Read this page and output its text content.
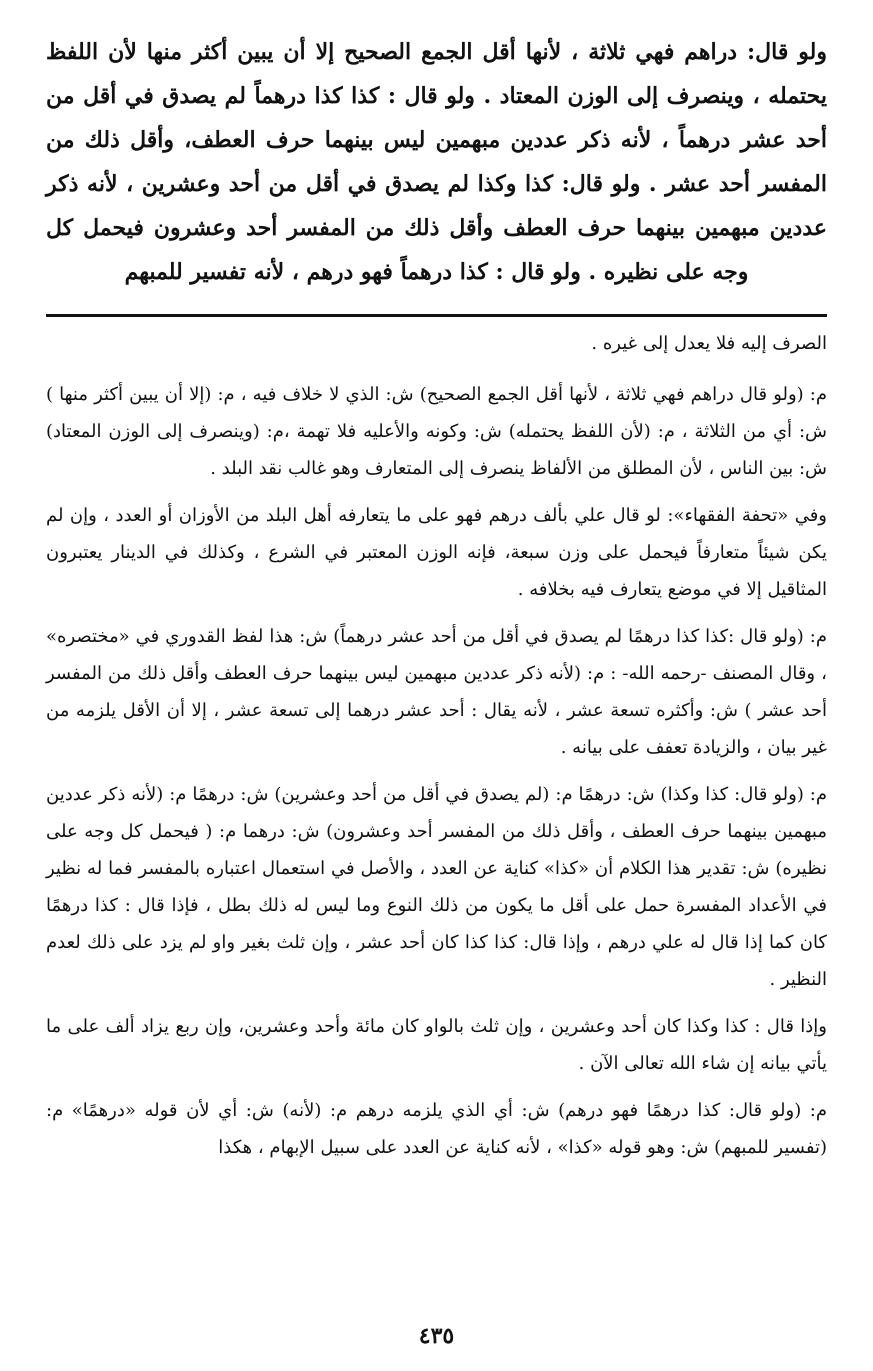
ولو قال: دراهم فهي ثلاثة ، لأنها أقل الجمع الصحيح إلا أن يبين أكثر منها لأن اللفظ يحتمله ، وينصرف إلى الوزن المعتاد . ولو قال : كذا كذا درهماً لم يصدق في أقل من أحد عشر درهماً ، لأنه ذكر عددين مبهمين ليس بينهما حرف العطف، وأقل ذلك من المفسر أحد عشر . ولو قال: كذا وكذا لم يصدق في أقل من أحد وعشرين ، لأنه ذكر عددين مبهمين بينهما حرف العطف وأقل ذلك من المفسر أحد وعشرون فيحمل كل وجه على نظيره . ولو قال : كذا درهماً فهو درهم ، لأنه تفسير للمبهم

الصرف إليه فلا يعدل إلى غيره .

م: (ولو قال دراهم فهي ثلاثة ، لأنها أقل الجمع الصحيح) ش: الذي لا خلاف فيه ، م: (إلا أن يبين أكثر منها ) ش: أي من الثلاثة ، م: (لأن اللفظ يحتمله) ش: وكونه والأعليه فلا تهمة ،م: (وينصرف إلى الوزن المعتاد) ش: بين الناس ، لأن المطلق من الألفاظ ينصرف إلى المتعارف وهو غالب نقد البلد .

وفي «تحفة الفقهاء»: لو قال علي بألف درهم فهو على ما يتعارفه أهل البلد من الأوزان أو العدد ، وإن لم يكن شيئاً متعارفاً فيحمل على وزن سبعة، فإنه الوزن المعتبر في الشرع ، وكذلك في الدينار يعتبرون المثاقيل إلا في موضع يتعارف فيه بخلافه .

م: (ولو قال :كذا كذا درهمًا لم يصدق في أقل من أحد عشر درهماً) ش: هذا لفظ القدوري في «مختصره» ، وقال المصنف -رحمه الله- : م: (لأنه ذكر عددين مبهمين ليس بينهما حرف العطف وأقل ذلك من المفسر أحد عشر ) ش: وأكثره تسعة عشر ، لأنه يقال : أحد عشر درهما إلى تسعة عشر ، إلا أن الأقل يلزمه من غير بيان ، والزيادة تعفف على بيانه .

م: (ولو قال: كذا وكذا) ش: درهمًا م: (لم يصدق في أقل من أحد وعشرين) ش: درهمًا م: (لأنه ذكر عددين مبهمين بينهما حرف العطف ، وأقل ذلك من المفسر أحد وعشرون) ش: درهما م: ( فيحمل كل وجه على نظيره) ش: تقدير هذا الكلام أن «كذا» كناية عن العدد ، والأصل في استعمال اعتباره بالمفسر فما له نظير في الأعداد المفسرة حمل على أقل ما يكون من ذلك النوع وما ليس له ذلك بطل ، فإذا قال : كذا درهمًا كان كما إذا قال له علي درهم ، وإذا قال: كذا كذا كان أحد عشر ، وإن ثلث بغير واو لم يزد على ذلك لعدم النظير .

وإذا قال : كذا وكذا كان أحد وعشرين ، وإن ثلث بالواو كان مائة وأحد وعشرين، وإن ربع يزاد ألف على ما يأتي بيانه إن شاء الله تعالى الآن .

م: (ولو قال: كذا درهمًا فهو درهم) ش: أي الذي يلزمه درهم م: (لأنه) ش: أي لأن قوله «درهمًا» م: (تفسير للمبهم) ش: وهو قوله «كذا» ، لأنه كناية عن العدد على سبيل الإبهام ، هكذا

٤٣٥
